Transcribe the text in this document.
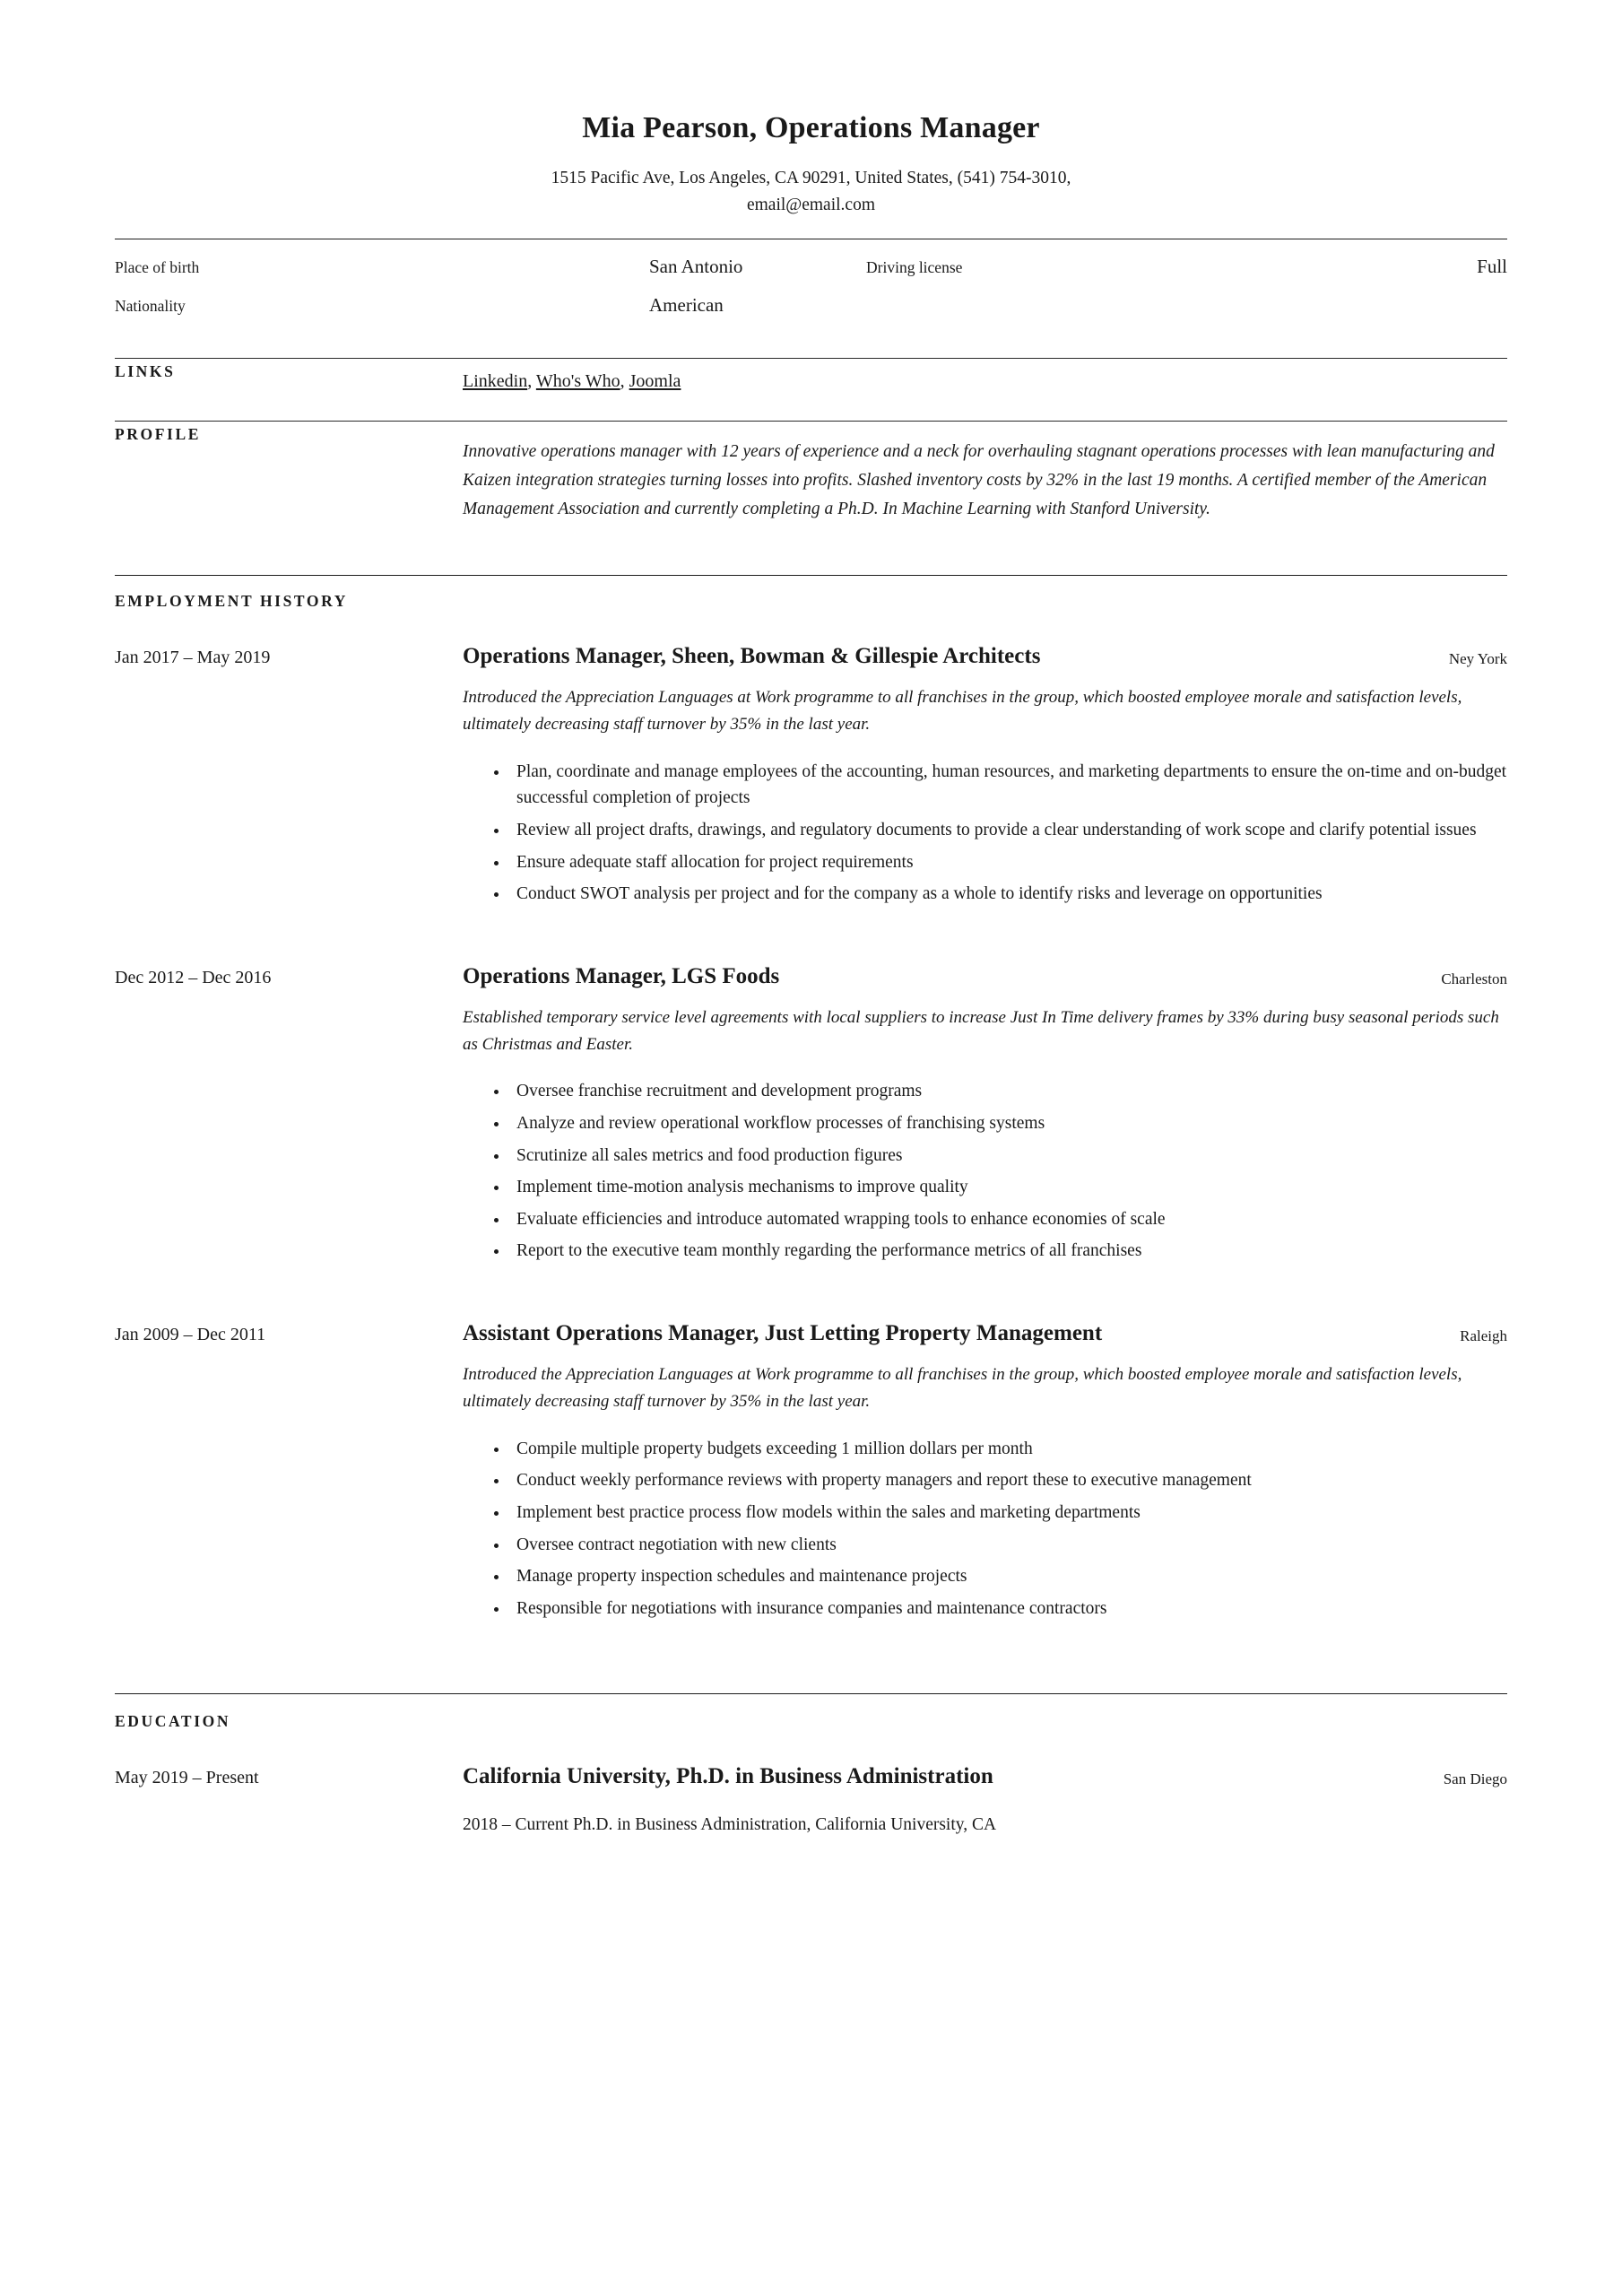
Mia Pearson, Operations Manager
1515 Pacific Ave, Los Angeles, CA 90291, United States, (541) 754-3010,
email@email.com
Place of birth	San Antonio	Driving license	Full
Nationality	American
LINKS	Linkedin, Who's Who, Joomla
PROFILE
Innovative operations manager with 12 years of experience and a neck for overhauling stagnant operations processes with lean manufacturing and Kaizen integration strategies turning losses into profits. Slashed inventory costs by 32% in the last 19 months. A certified member of the American Management Association and currently completing a Ph.D. In Machine Learning with Stanford University.
EMPLOYMENT HISTORY
Jan 2017 – May 2019	Operations Manager, Sheen, Bowman & Gillespie Architects	Ney York
Introduced the Appreciation Languages at Work programme to all franchises in the group, which boosted employee morale and satisfaction levels, ultimately decreasing staff turnover by 35% in the last year.
• Plan, coordinate and manage employees of the accounting, human resources, and marketing departments to ensure the on-time and on-budget successful completion of projects
• Review all project drafts, drawings, and regulatory documents to provide a clear understanding of work scope and clarify potential issues
• Ensure adequate staff allocation for project requirements
• Conduct SWOT analysis per project and for the company as a whole to identify risks and leverage on opportunities
Dec 2012 – Dec 2016	Operations Manager, LGS Foods	Charleston
Established temporary service level agreements with local suppliers to increase Just In Time delivery frames by 33% during busy seasonal periods such as Christmas and Easter.
• Oversee franchise recruitment and development programs
• Analyze and review operational workflow processes of franchising systems
• Scrutinize all sales metrics and food production figures
• Implement time-motion analysis mechanisms to improve quality
• Evaluate efficiencies and introduce automated wrapping tools to enhance economies of scale
• Report to the executive team monthly regarding the performance metrics of all franchises
Jan 2009 – Dec 2011	Assistant Operations Manager, Just Letting Property Management	Raleigh
Introduced the Appreciation Languages at Work programme to all franchises in the group, which boosted employee morale and satisfaction levels, ultimately decreasing staff turnover by 35% in the last year.
• Compile multiple property budgets exceeding 1 million dollars per month
• Conduct weekly performance reviews with property managers and report these to executive management
• Implement best practice process flow models within the sales and marketing departments
• Oversee contract negotiation with new clients
• Manage property inspection schedules and maintenance projects
• Responsible for negotiations with insurance companies and maintenance contractors
EDUCATION
May 2019 – Present	California University, Ph.D. in Business Administration	San Diego
2018 – Current Ph.D. in Business Administration, California University, CA
